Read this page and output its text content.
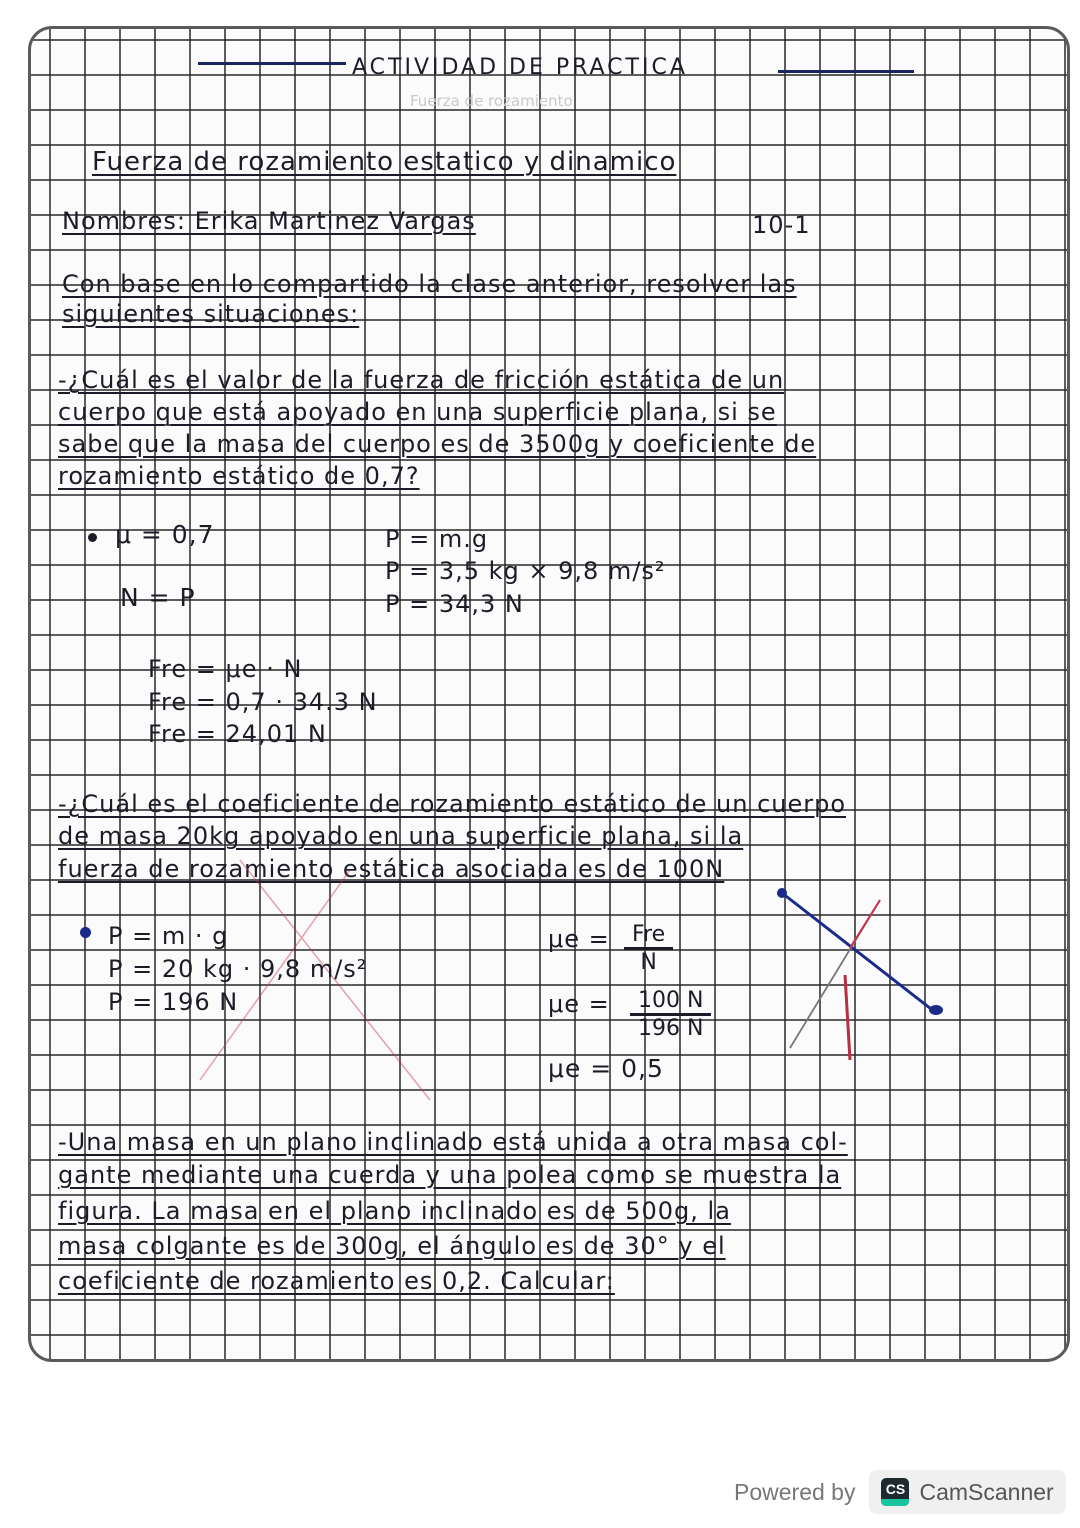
ACTIVIDAD DE PRACTICA
Fuerza de rozamiento
Fuerza de rozamiento estatico y dinamico
Nombres: Erika Martinez Vargas	10-1
Con base en lo compartido la clase anterior, resolver las
siguientes situaciones:
-¿Cuál es el valor de la fuerza de fricción estática de un
cuerpo que está apoyado en una superficie plana, si se
sabe que la masa del cuerpo es de 3500g y coeficiente de
rozamiento estático de 0,7?
μ = 0,7
N = P
P = m.g
P = 3,5 kg × 9,8 m/s²
P = 34,3 N
Fre = μe · N
Fre = 0,7 · 34.3 N
Fre = 24,01 N
-¿Cuál es el coeficiente de rozamiento estático de un cuerpo
de masa 20kg apoyado en una superficie plana, si la
fuerza de rozamiento estática asociada es de 100N
P = m · g
P = 20 kg · 9,8 m/s²
P = 196 N
μe =	Fre
N
$\mu e = \frac{100 N}{196 N}$
μe = 0,5
-Una masa en un plano inclinado está unida a otra masa col-
gante mediante una cuerda y una polea como se muestra la
figura. La masa en el plano inclinado es de 500g, la
masa colgante es de 300g, el ángulo es de 30° y el
coeficiente de rozamiento es 0,2. Calcular:
Powered by CS CamScanner
